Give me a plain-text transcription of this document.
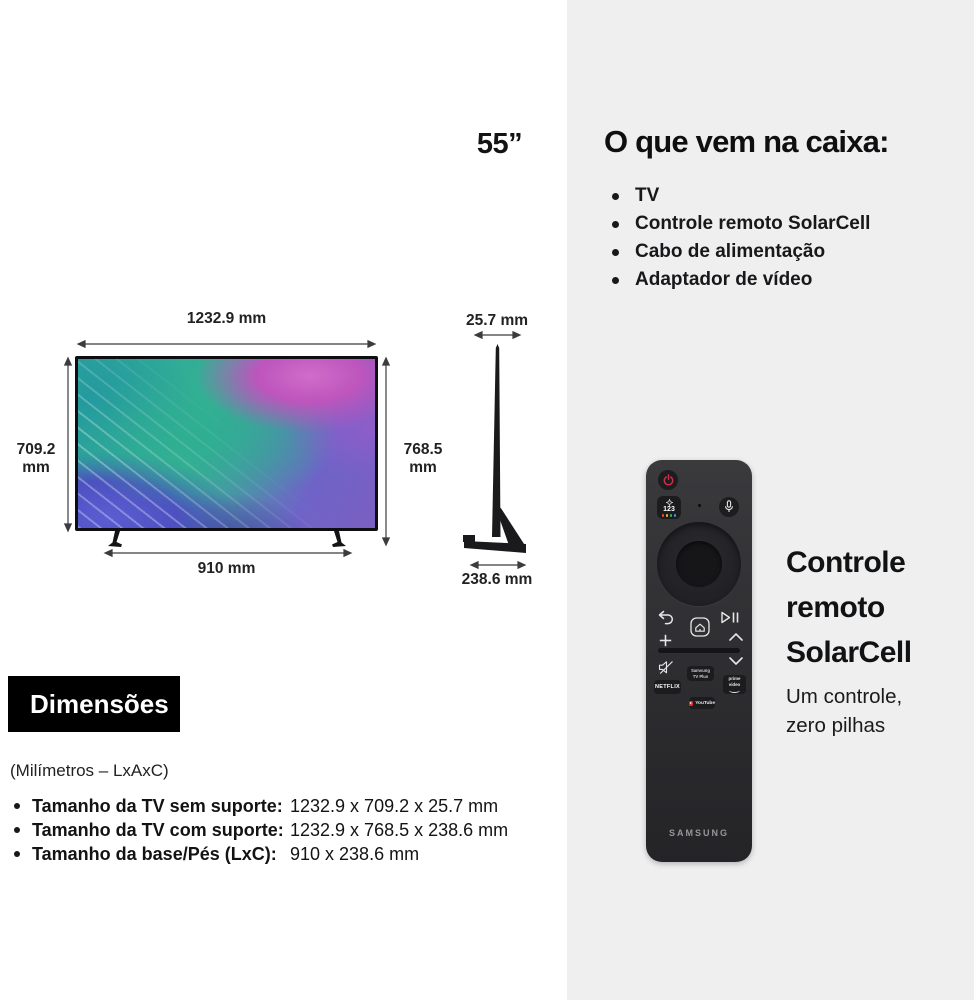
55”	O que vem na caixa:
TV
Controle remoto SolarCell
Cabo de alimentação
Adaptador de vídeo
1232.9 mm
709.2 mm
768.5 mm
910 mm
25.7 mm
238.6 mm
Dimensões
(Milímetros – LxAxC)
Tamanho da TV sem suporte: 1232.9 x 709.2 x 25.7 mm
Tamanho da TV com suporte: 1232.9 x 768.5 x 238.6 mm
Tamanho da base/Pés (LxC): 910 x 238.6 mm
123
Samsung TV Plus
NETFLIX
prime video
YouTube
SAMSUNG
Controle
remoto
SolarCell
Um controle,
zero pilhas
